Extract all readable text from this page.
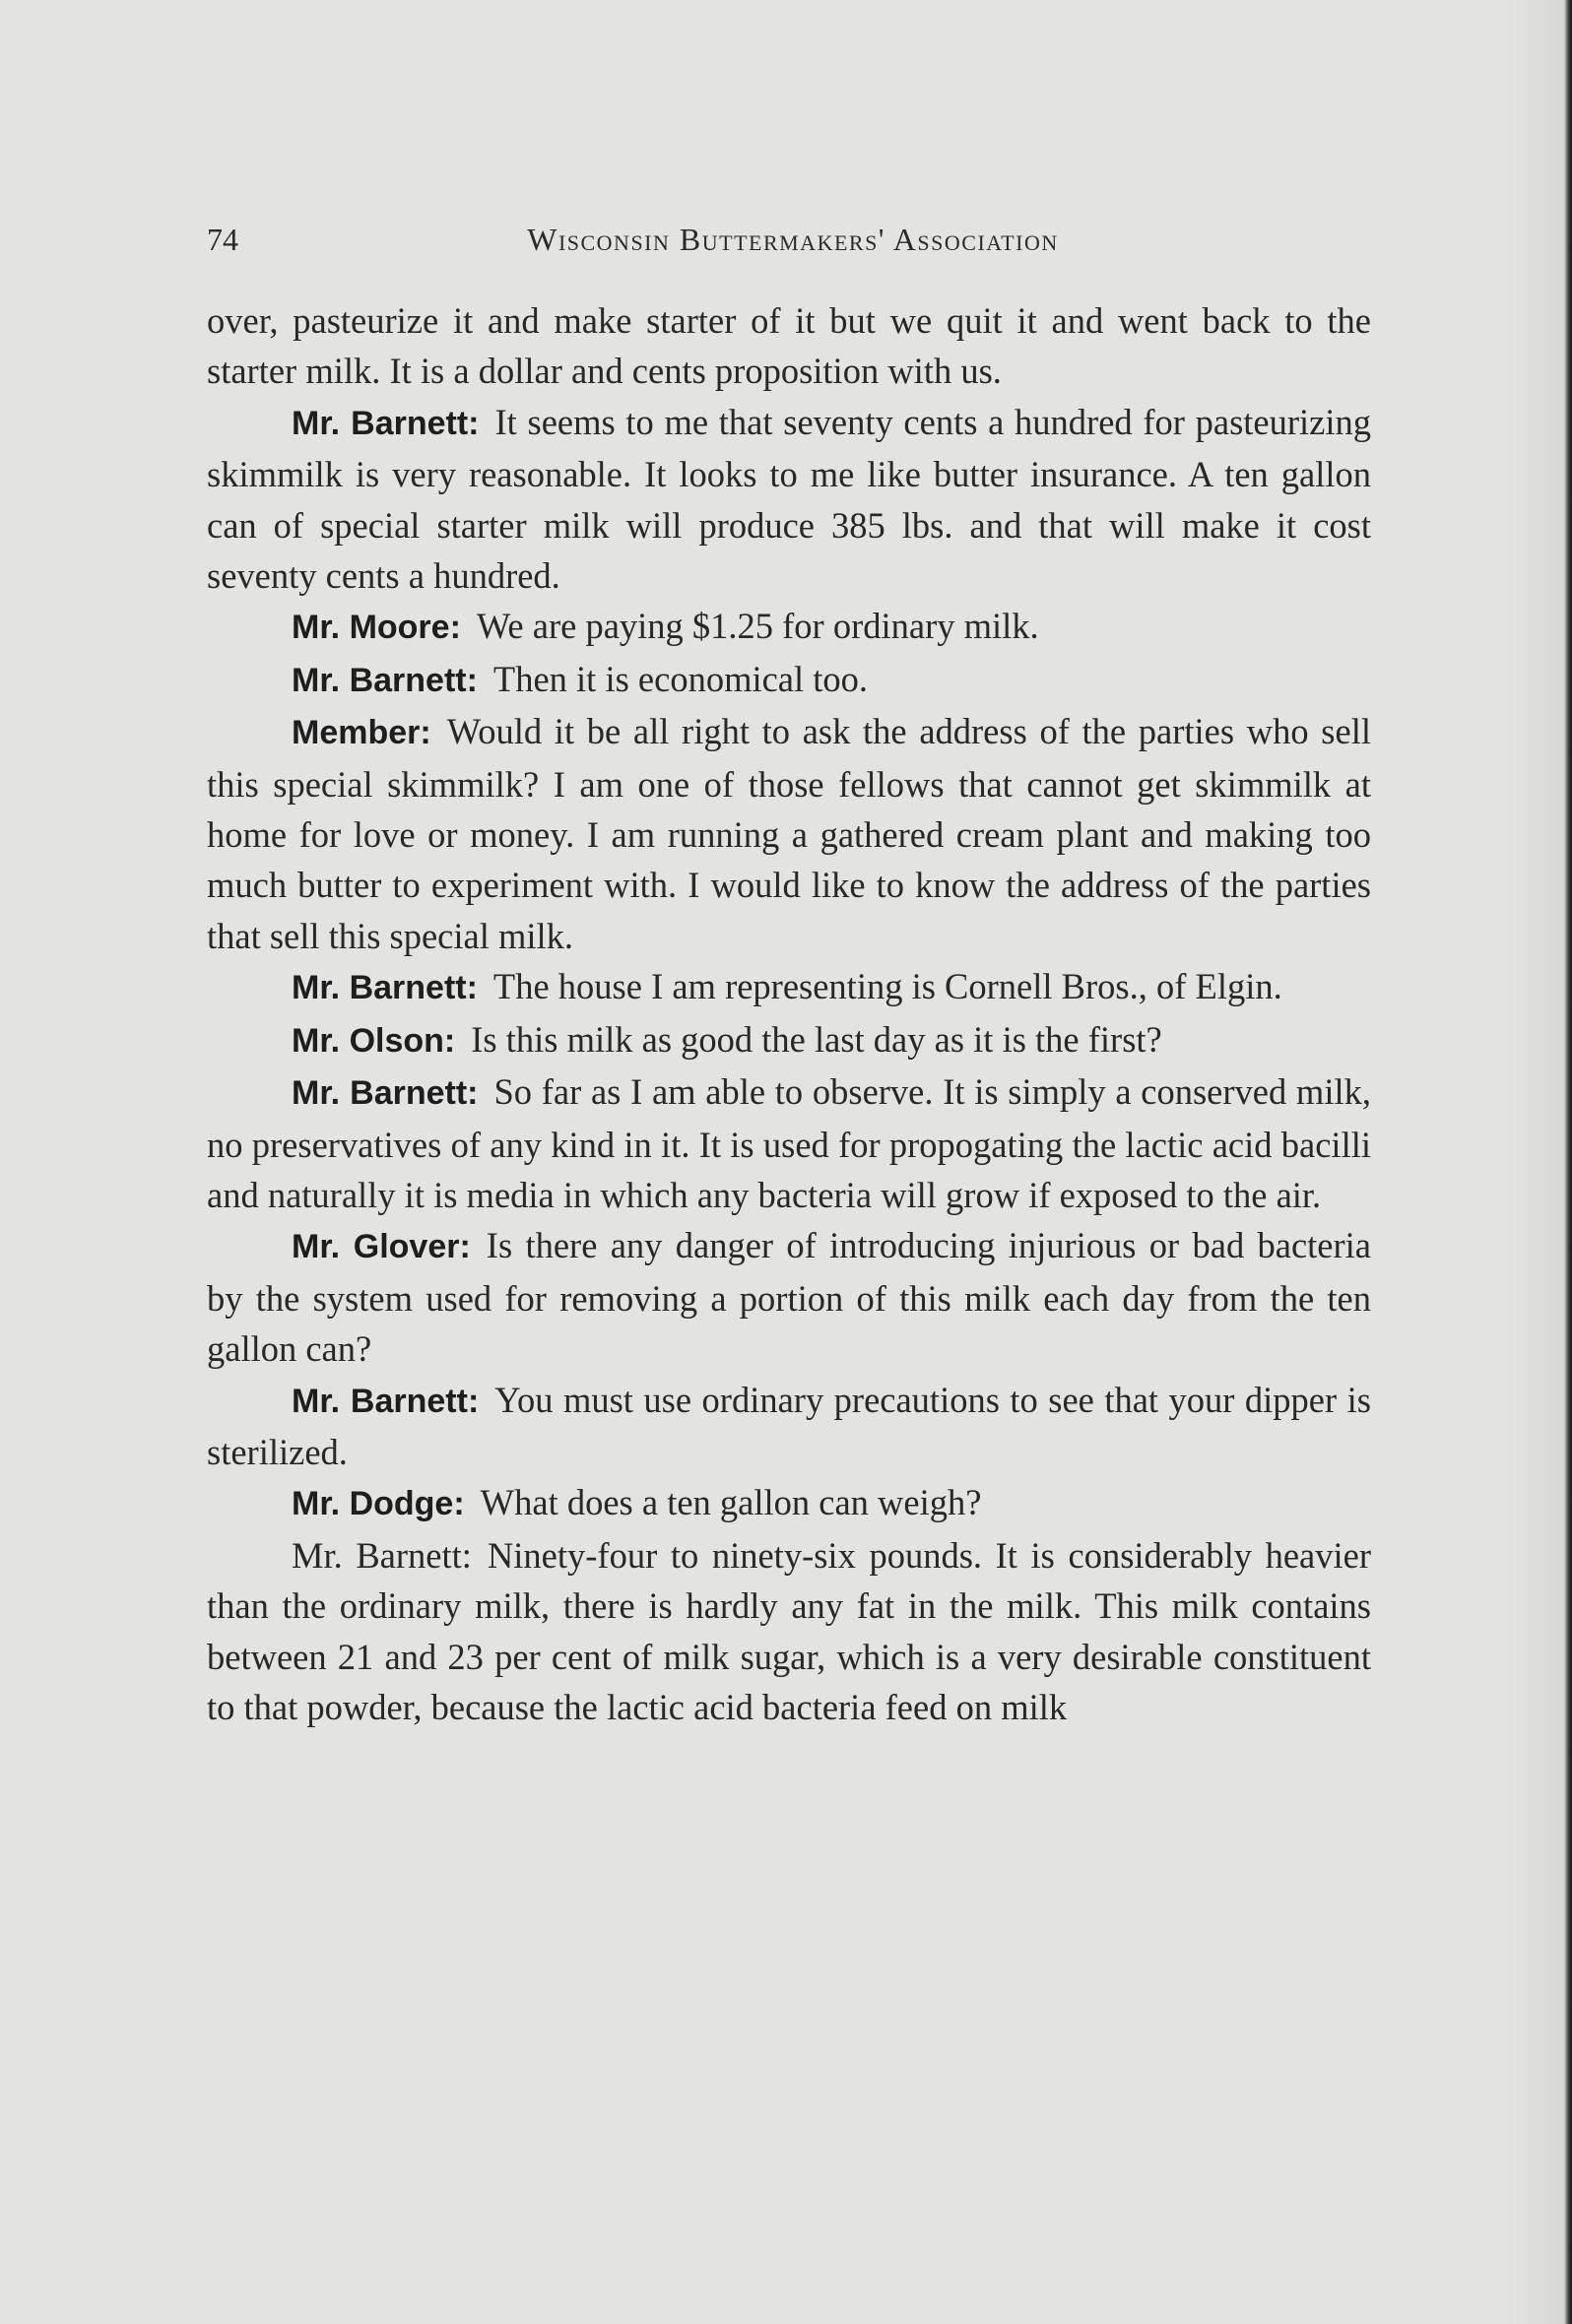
74	Wisconsin Buttermakers' Association

over, pasteurize it and make starter of it but we quit it and went back to the starter milk. It is a dollar and cents proposition with us.

Mr. Barnett: It seems to me that seventy cents a hundred for pasteurizing skimmilk is very reasonable. It looks to me like butter insurance. A ten gallon can of special starter milk will produce 385 lbs. and that will make it cost seventy cents a hundred.

Mr. Moore: We are paying $1.25 for ordinary milk.

Mr. Barnett: Then it is economical too.

Member: Would it be all right to ask the address of the parties who sell this special skimmilk? I am one of those fellows that cannot get skimmilk at home for love or money. I am running a gathered cream plant and making too much butter to experiment with. I would like to know the address of the parties that sell this special milk.

Mr. Barnett: The house I am representing is Cornell Bros., of Elgin.

Mr. Olson: Is this milk as good the last day as it is the first?

Mr. Barnett: So far as I am able to observe. It is simply a conserved milk, no preservatives of any kind in it. It is used for propogating the lactic acid bacilli and naturally it is media in which any bacteria will grow if exposed to the air.

Mr. Glover: Is there any danger of introducing injurious or bad bacteria by the system used for removing a portion of this milk each day from the ten gallon can?

Mr. Barnett: You must use ordinary precautions to see that your dipper is sterilized.

Mr. Dodge: What does a ten gallon can weigh?

Mr. Barnett: Ninety-four to ninety-six pounds. It is considerably heavier than the ordinary milk, there is hardly any fat in the milk. This milk contains between 21 and 23 per cent of milk sugar, which is a very desirable constituent to that powder, because the lactic acid bacteria feed on milk
